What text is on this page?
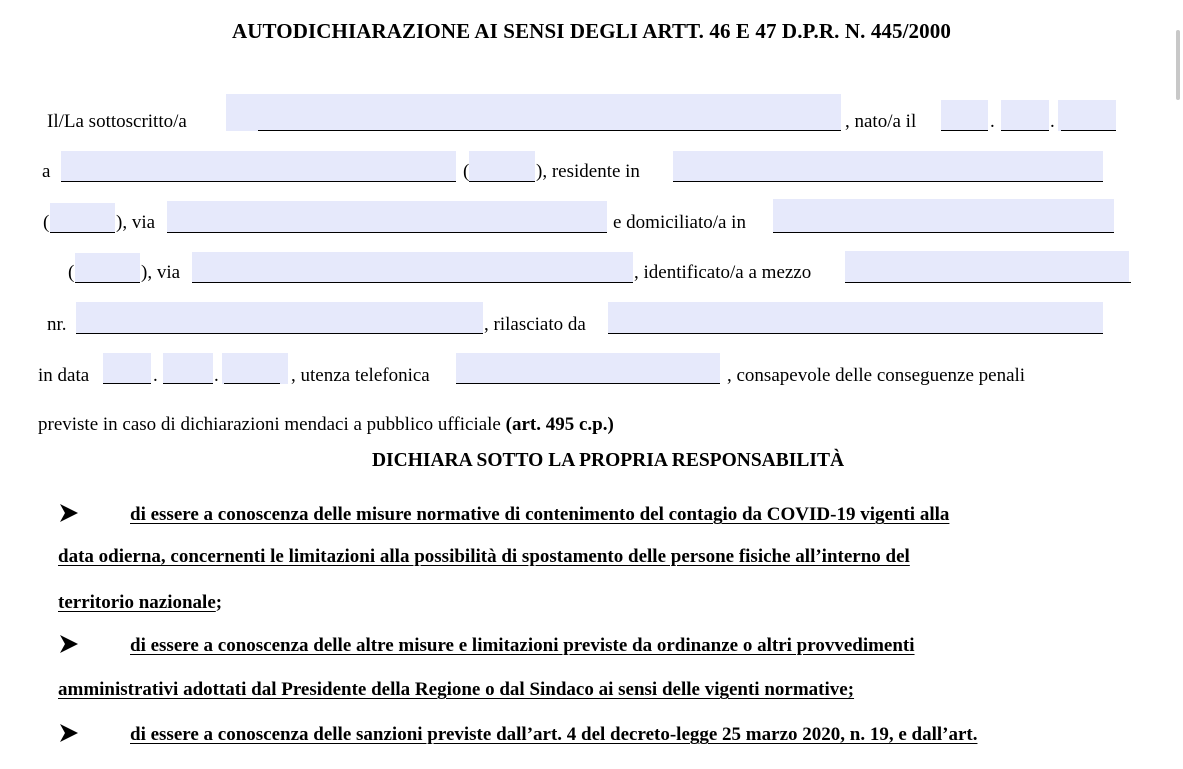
AUTODICHIARAZIONE AI SENSI DEGLI ARTT. 46 E 47 D.P.R. N. 445/2000
Il/La sottoscritto/a	, nato/a il	.	.
a	(	), residente in
(	), via	e domiciliato/a in
(	), via	, identificato/a a mezzo
nr.	, rilasciato da
in data	.	.	, utenza telefonica	, consapevole delle conseguenze penali
previste in caso di dichiarazioni mendaci a pubblico ufficiale (art. 495 c.p.)
DICHIARA SOTTO LA PROPRIA RESPONSABILITÀ
di essere a conoscenza delle misure normative di contenimento del contagio da COVID-19 vigenti alla
data odierna, concernenti le limitazioni alla possibilità di spostamento delle persone fisiche all’interno del
territorio nazionale;
di essere a conoscenza delle altre misure e limitazioni previste da ordinanze o altri provvedimenti
amministrativi adottati dal Presidente della Regione o dal Sindaco ai sensi delle vigenti normative;
di essere a conoscenza delle sanzioni previste dall’art. 4 del decreto-legge 25 marzo 2020, n. 19, e dall’art.
